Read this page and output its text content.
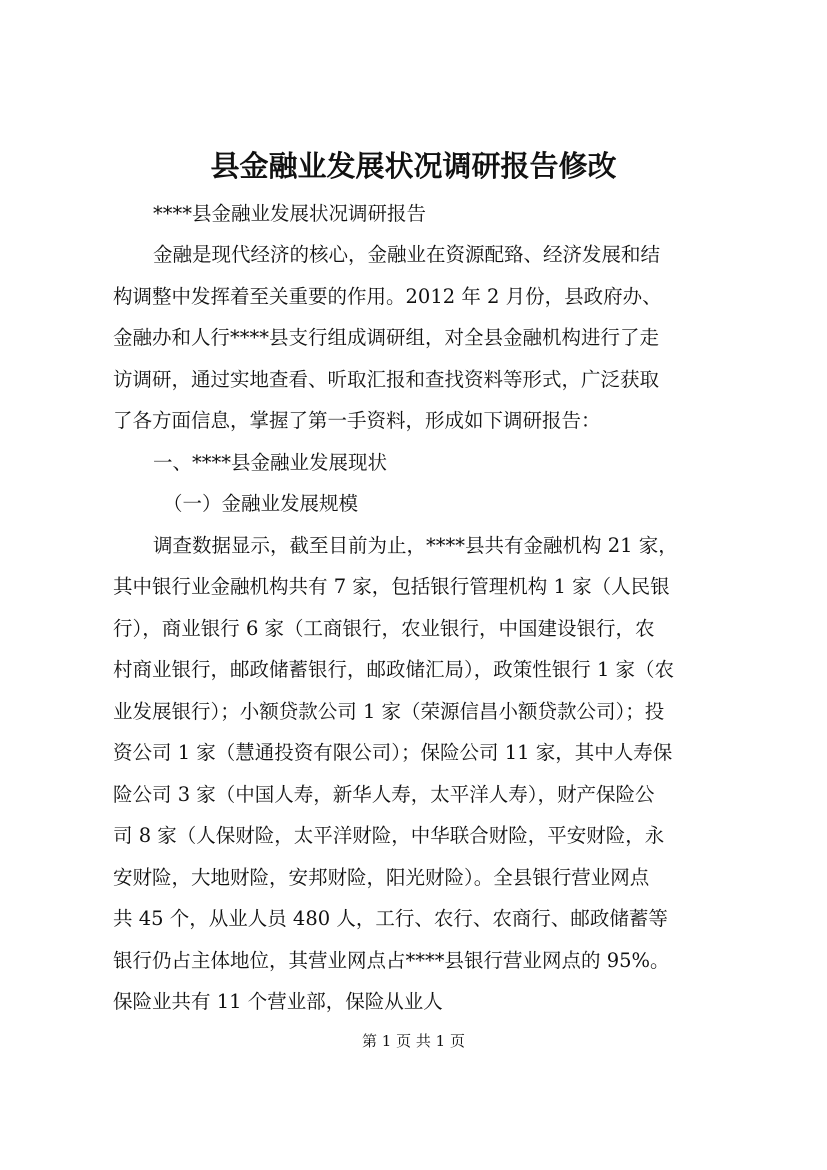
县金融业发展状况调研报告修改
****县金融业发展状况调研报告
金融是现代经济的核心，金融业在资源配臵、经济发展和结
构调整中发挥着至关重要的作用。2012 年 2 月份，县政府办、
金融办和人行****县支行组成调研组，对全县金融机构进行了走
访调研，通过实地查看、听取汇报和查找资料等形式，广泛获取
了各方面信息，掌握了第一手资料，形成如下调研报告：
一、****县金融业发展现状
（一）金融业发展规模
调查数据显示，截至目前为止，****县共有金融机构 21 家，
其中银行业金融机构共有 7 家，包括银行管理机构 1 家（人民银
行），商业银行 6 家（工商银行，农业银行，中国建设银行，农
村商业银行，邮政储蓄银行，邮政储汇局），政策性银行 1 家（农
业发展银行）；小额贷款公司 1 家（荣源信昌小额贷款公司）；投
资公司 1 家（慧通投资有限公司）；保险公司 11 家，其中人寿保
险公司 3 家（中国人寿，新华人寿，太平洋人寿），财产保险公
司 8 家（人保财险，太平洋财险，中华联合财险，平安财险，永
安财险，大地财险，安邦财险，阳光财险）。全县银行营业网点
共 45 个，从业人员 480 人，工行、农行、农商行、邮政储蓄等
银行仍占主体地位，其营业网点占****县银行营业网点的 95%。
保险业共有 11 个营业部，保险从业人
第 1 页 共 1 页
